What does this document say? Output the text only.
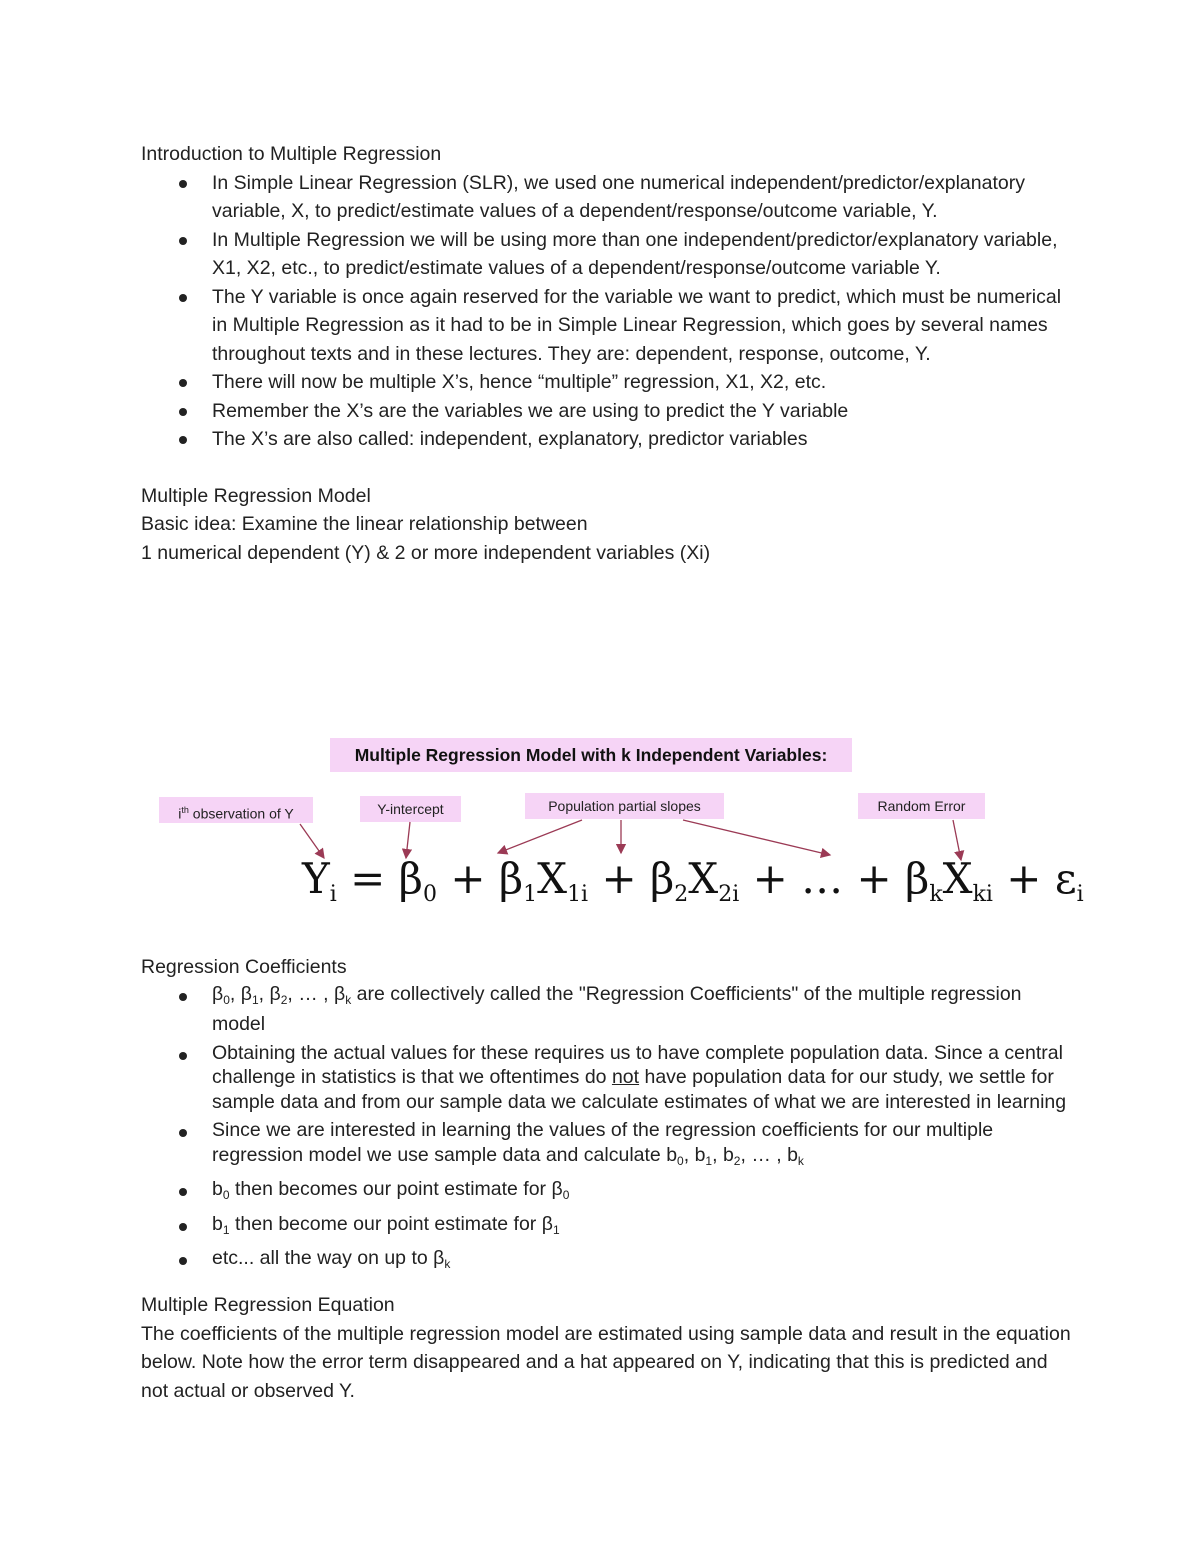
Introduction to Multiple Regression

In Simple Linear Regression (SLR), we used one numerical independent/predictor/explanatory variable, X, to predict/estimate values of a dependent/response/outcome variable, Y.
In Multiple Regression we will be using more than one independent/predictor/explanatory variable, X1, X2, etc., to predict/estimate values of a dependent/response/outcome variable Y.
The Y variable is once again reserved for the variable we want to predict, which must be numerical in Multiple Regression as it had to be in Simple Linear Regression, which goes by several names throughout texts and in these lectures. They are: dependent, response, outcome, Y.
There will now be multiple X’s, hence “multiple” regression, X1, X2, etc.
Remember the X’s are the variables we are using to predict the Y variable
The X’s are also called: independent, explanatory, predictor variables

Multiple Regression Model

Basic idea: Examine the linear relationship between

1 numerical dependent (Y) & 2 or more independent variables (Xi)

Multiple Regression Model with k Independent Variables:
$i^{th}$ observation of Y	Y-intercept	Population partial slopes	Random Error
$Y_i = \beta_0 + \beta_1X_{1i} + \beta_2X_{2i}$ + … + $\beta_kX_{ki} + \varepsilon_i$

Regression Coefficients

$\beta_0$, $\beta_1$, $\beta_2$, … , $\beta_k$ are collectively called the "Regression Coefficients" of the multiple regression model
Obtaining the actual values for these requires us to have complete population data. Since a central challenge in statistics is that we oftentimes do not have population data for our study, we settle for sample data and from our sample data we calculate estimates of what we are interested in learning
Since we are interested in learning the values of the regression coefficients for our multiple regression model we use sample data and calculate $b_0$, $b_1$, $b_2$, … , $b_k$
$b_0$ then becomes our point estimate for $\beta_0$
$b_1$ then become our point estimate for $\beta_1$
etc... all the way on up to $\beta_k$

Multiple Regression Equation

The coefficients of the multiple regression model are estimated using sample data and result in the equation below. Note how the error term disappeared and a hat appeared on Y, indicating that this is predicted and not actual or observed Y.
